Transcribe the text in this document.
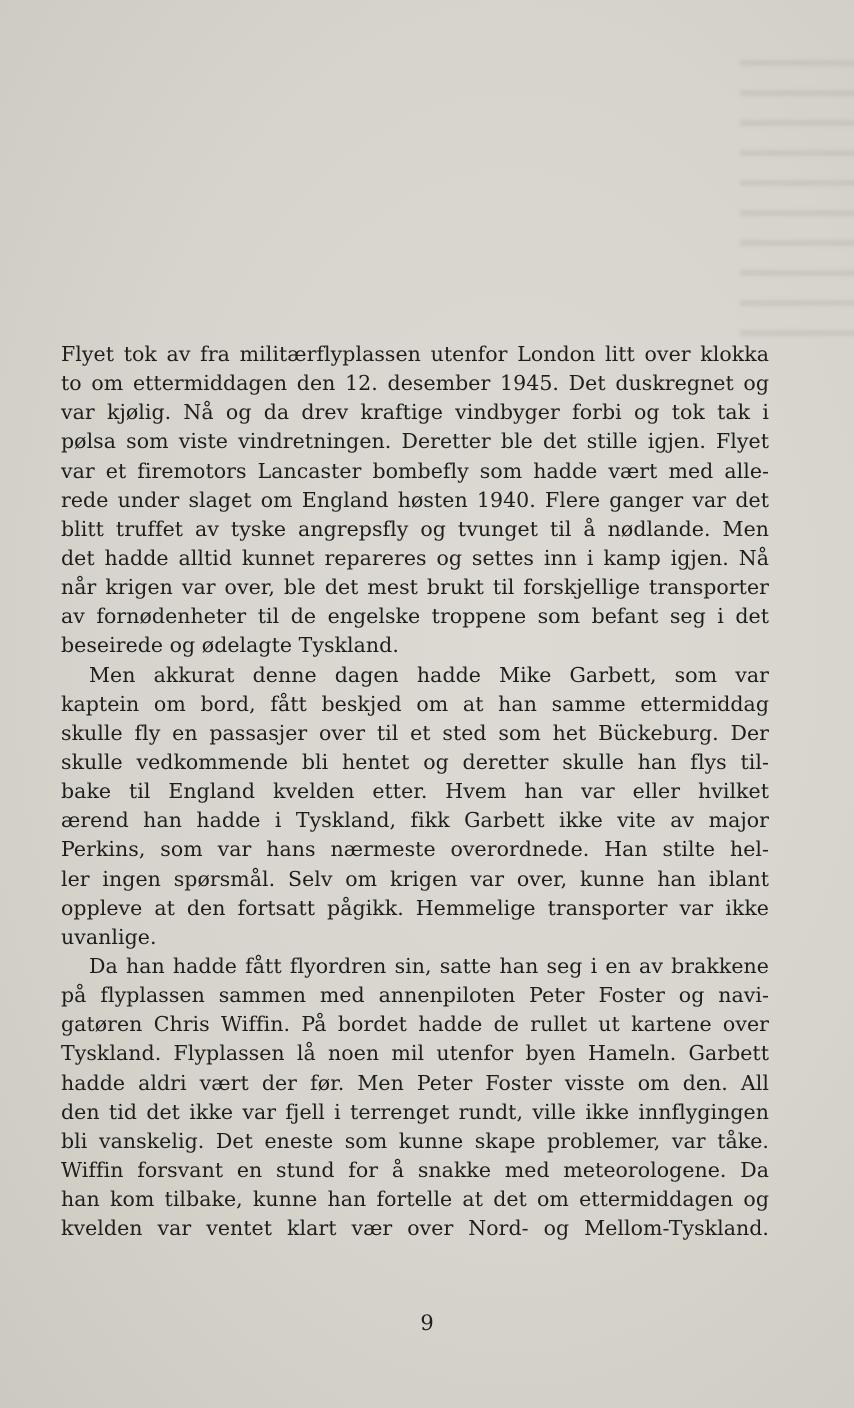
Flyet tok av fra militærflyplassen utenfor London litt over klokka
to om ettermiddagen den 12. desember 1945. Det duskregnet og
var kjølig. Nå og da drev kraftige vindbyger forbi og tok tak i
pølsa som viste vindretningen. Deretter ble det stille igjen. Flyet
var et firemotors Lancaster bombefly som hadde vært med alle-
rede under slaget om England høsten 1940. Flere ganger var det
blitt truffet av tyske angrepsfly og tvunget til å nødlande. Men
det hadde alltid kunnet repareres og settes inn i kamp igjen. Nå
når krigen var over, ble det mest brukt til forskjellige transporter
av fornødenheter til de engelske troppene som befant seg i det
beseirede og ødelagte Tyskland.
Men akkurat denne dagen hadde Mike Garbett, som var
kaptein om bord, fått beskjed om at han samme ettermiddag
skulle fly en passasjer over til et sted som het Bückeburg. Der
skulle vedkommende bli hentet og deretter skulle han flys til-
bake til England kvelden etter. Hvem han var eller hvilket
ærend han hadde i Tyskland, fikk Garbett ikke vite av major
Perkins, som var hans nærmeste overordnede. Han stilte hel-
ler ingen spørsmål. Selv om krigen var over, kunne han iblant
oppleve at den fortsatt pågikk. Hemmelige transporter var ikke
uvanlige.
Da han hadde fått flyordren sin, satte han seg i en av brakkene
på flyplassen sammen med annenpiloten Peter Foster og navi-
gatøren Chris Wiffin. På bordet hadde de rullet ut kartene over
Tyskland. Flyplassen lå noen mil utenfor byen Hameln. Garbett
hadde aldri vært der før. Men Peter Foster visste om den. All
den tid det ikke var fjell i terrenget rundt, ville ikke innflygingen
bli vanskelig. Det eneste som kunne skape problemer, var tåke.
Wiffin forsvant en stund for å snakke med meteorologene. Da
han kom tilbake, kunne han fortelle at det om ettermiddagen og
kvelden var ventet klart vær over Nord- og Mellom-Tyskland.
9
